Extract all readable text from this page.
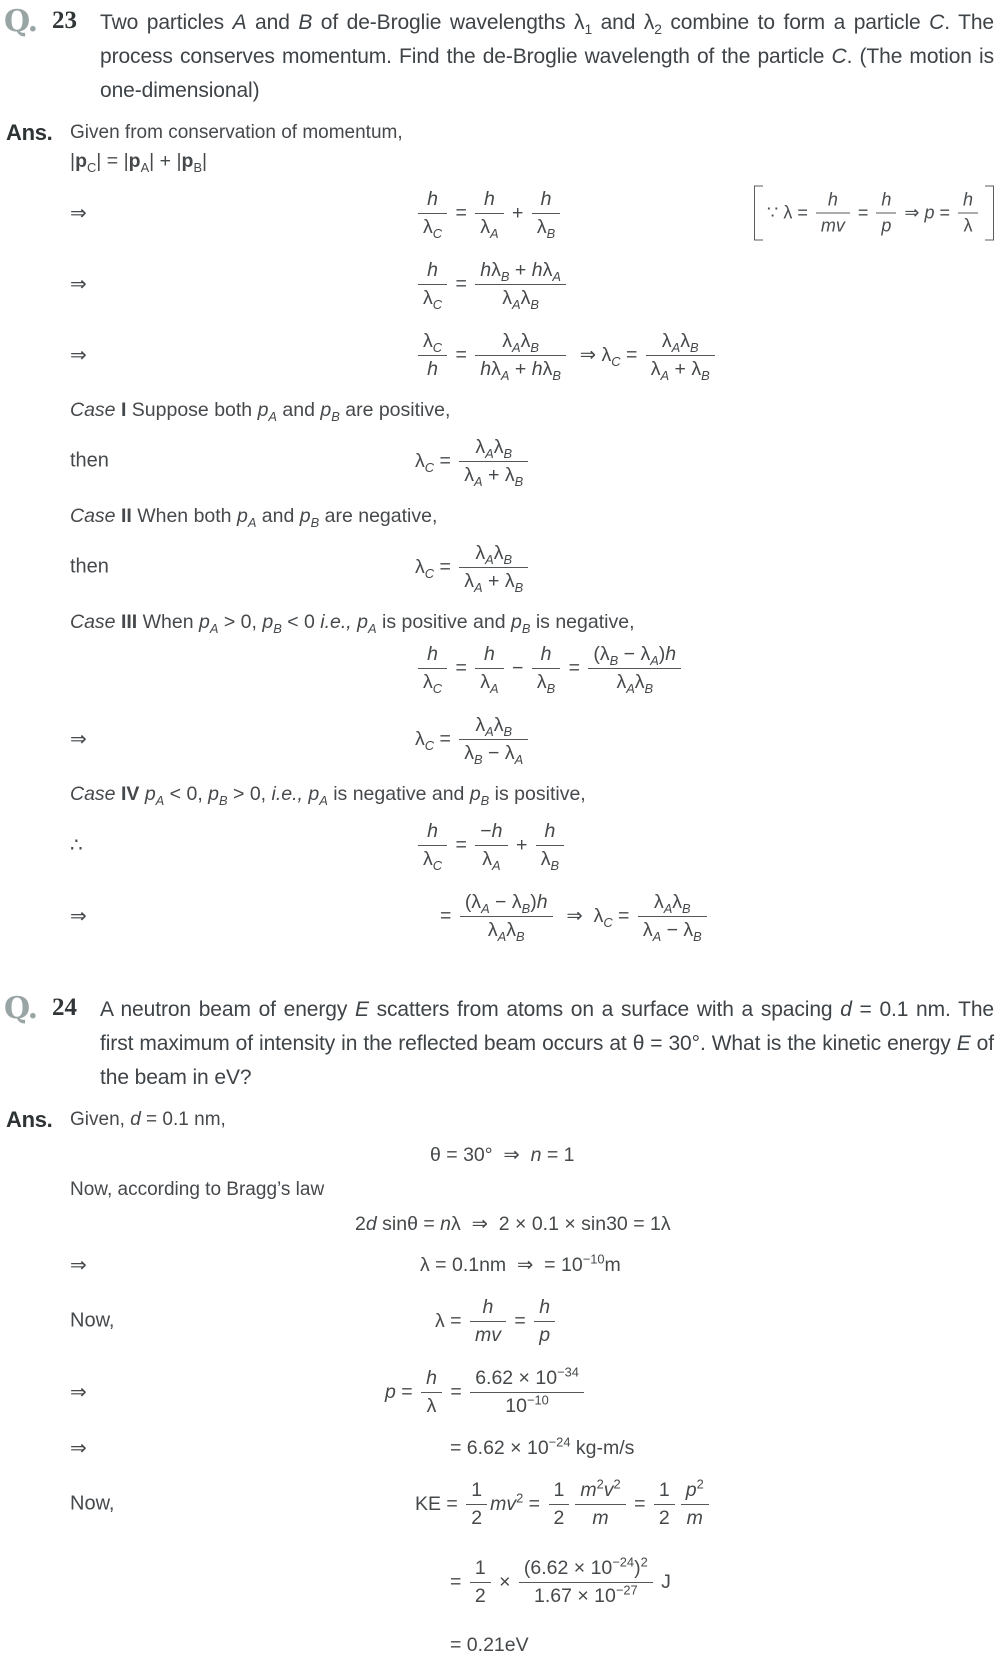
Q. 23	Two particles A and B of de-Broglie wavelengths $\lambda_1$ and $\lambda_2$ combine to form a particle C. The process conserves momentum. Find the de-Broglie wavelength of the particle C. (The motion is one-dimensional)
Ans. Given from conservation of momentum,
$|p_C| = |p_A| + |p_B|$
⇒	$\frac{h}{\lambda_C} = \frac{h}{\lambda_A} + \frac{h}{\lambda_B}$	∵ $\lambda = \frac{h}{mv} = \frac{h}{p}$ ⇒ $p = \frac{h}{\lambda}$
⇒	$\frac{h}{\lambda_C} = \frac{h\lambda_B + h\lambda_A}{\lambda_A\lambda_B}$
⇒	$\frac{\lambda_C}{h} = \frac{\lambda_A\lambda_B}{h\lambda_A + h\lambda_B}$ ⇒ $\lambda_C = \frac{\lambda_A\lambda_B}{\lambda_A + \lambda_B}$
Case I Suppose both $p_A$ and $p_B$ are positive,
then	$\lambda_C = \frac{\lambda_A\lambda_B}{\lambda_A + \lambda_B}$
Case II When both $p_A$ and $p_B$ are negative,
then	$\lambda_C = \frac{\lambda_A\lambda_B}{\lambda_A + \lambda_B}$
Case III When $p_A > 0$, $p_B < 0$ i.e., $p_A$ is positive and $p_B$ is negative,
$\frac{h}{\lambda_C} = \frac{h}{\lambda_A} - \frac{h}{\lambda_B} = \frac{(\lambda_B - \lambda_A)h}{\lambda_A\lambda_B}$
⇒	$\lambda_C = \frac{\lambda_A\lambda_B}{\lambda_B - \lambda_A}$
Case IV $p_A < 0$, $p_B > 0$, i.e., $p_A$ is negative and $p_B$ is positive,
∴	$\frac{h}{\lambda_C} = \frac{-h}{\lambda_A} + \frac{h}{\lambda_B}$
⇒	= $\frac{(\lambda_A - \lambda_B)h}{\lambda_A\lambda_B}$ ⇒  $\lambda_C = \frac{\lambda_A\lambda_B}{\lambda_A - \lambda_B}$
Q. 24	A neutron beam of energy E scatters from atoms on a surface with a spacing d = 0.1 nm. The first maximum of intensity in the reflected beam occurs at θ = 30°. What is the kinetic energy E of the beam in eV?
Ans. Given, d = 0.1 nm,
θ = 30°  ⇒  n = 1
Now, according to Bragg’s law
2d sinθ = nλ  ⇒  2 × 0.1 × sin30 = 1λ
⇒	λ = 0.1nm  ⇒  = $10^{-10}m$
Now,	$\lambda = \frac{h}{mv} = \frac{h}{p}$
⇒	$p = \frac{h}{\lambda} = \frac{6.62 \times 10^{-34}}{10^{-10}}$
⇒	= $6.62 \times 10^{-24}$ kg-m/s
Now,	KE = $\frac{1}{2} mv^2 = \frac{1}{2} \frac{m^2v^2}{m} = \frac{1}{2} \frac{p^2}{m}$
= $\frac{1}{2} \times \frac{(6.62 \times 10^{-24})^2}{1.67 \times 10^{-27}}$ J
= 0.21eV
